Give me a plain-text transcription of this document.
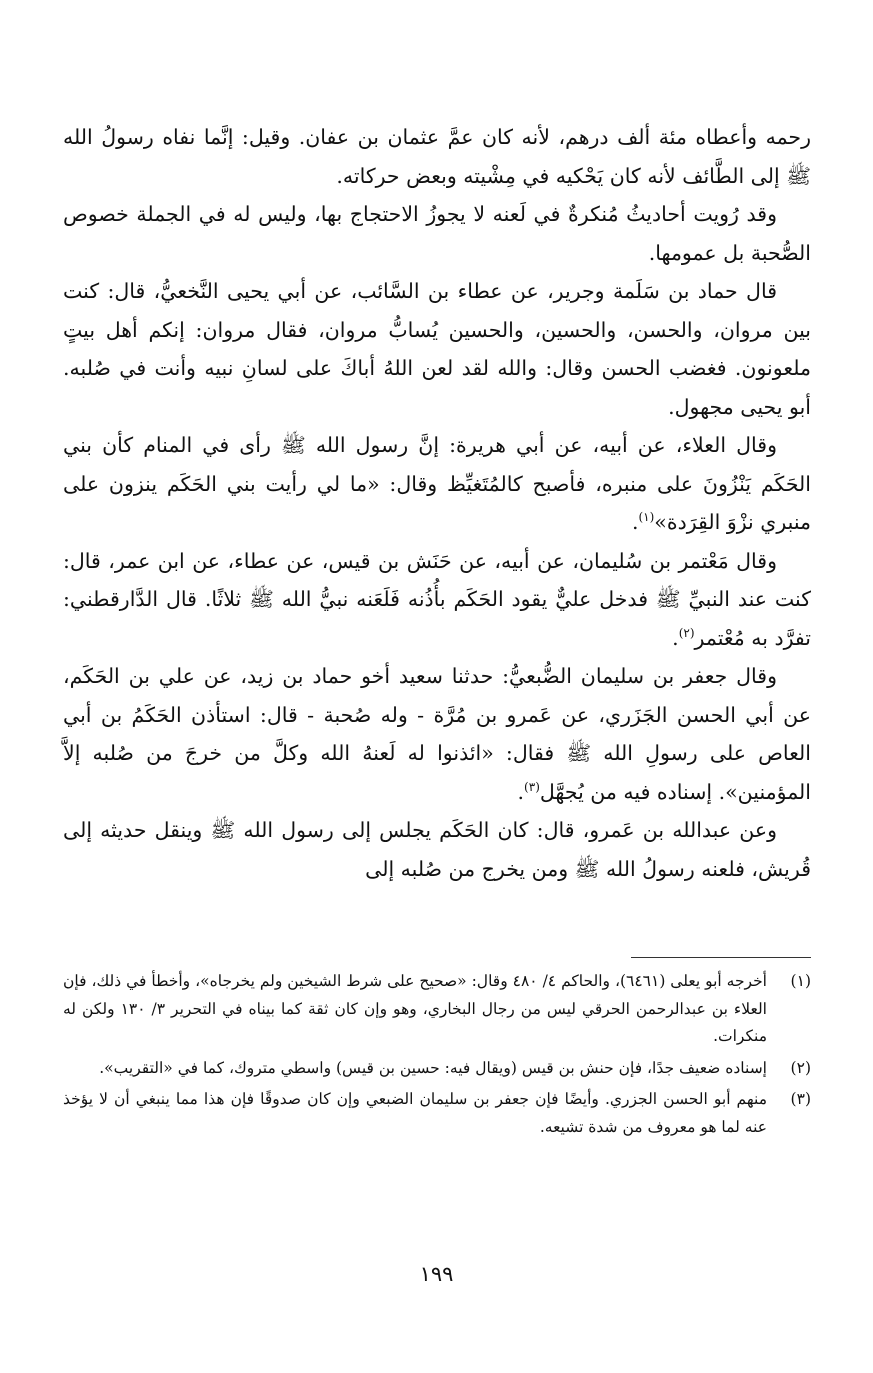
رحمه وأعطاه مئة ألف درهم، لأنه كان عمَّ عثمان بن عفان. وقيل: إنَّما نفاه رسولُ الله ﷺ إلى الطَّائف لأنه كان يَحْكيه في مِشْيته وبعض حركاته.

وقد رُويت أحاديثُ مُنكرةٌ في لَعنه لا يجوزُ الاحتجاج بها، وليس له في الجملة خصوص الصُّحبة بل عمومها.

قال حماد بن سَلَمة وجرير، عن عطاء بن السَّائب، عن أبي يحيى النَّخعيُّ، قال: كنت بين مروان، والحسن، والحسين، والحسين يُسابُّ مروان، فقال مروان: إنكم أهل بيتٍ ملعونون. فغضب الحسن وقال: والله لقد لعن اللهُ أباكَ على لسانِ نبيه وأنت في صُلبه. أبو يحيى مجهول.

وقال العلاء، عن أبيه، عن أبي هريرة: إنَّ رسول الله ﷺ رأى في المنام كأن بني الحَكَم يَنْزُونَ على منبره، فأصبح كالمُتَغيِّظ وقال: «ما لي رأيت بني الحَكَم ينزون على منبري نزْوَ القِرَدة»$^{(١)}$.

وقال مَعْتمر بن سُليمان، عن أبيه، عن حَنَش بن قيس، عن عطاء، عن ابن عمر، قال: كنت عند النبيِّ ﷺ فدخل عليٌّ يقود الحَكَم بأُذُنه فَلَعَنه نبيُّ الله ﷺ ثلاثًا. قال الدَّارقطني: تفرَّد به مُعْتمر$^{(٢)}$.

وقال جعفر بن سليمان الضُّبعيُّ: حدثنا سعيد أخو حماد بن زيد، عن علي بن الحَكَم، عن أبي الحسن الجَزَري، عن عَمرو بن مُرَّة - وله صُحبة - قال: استأذن الحَكَمُ بن أبي العاص على رسولِ الله ﷺ فقال: «ائذنوا له لَعنهُ الله وكلَّ من خرجَ من صُلبه إلاَّ المؤمنين». إسناده فيه من يُجهَّل$^{(٣)}$.

وعن عبدالله بن عَمرو، قال: كان الحَكَم يجلس إلى رسول الله ﷺ وينقل حديثه إلى قُريش، فلعنه رسولُ الله ﷺ ومن يخرج من صُلبه إلى

(١)
أخرجه أبو يعلى (٦٤٦١)، والحاكم ٤/ ٤٨٠ وقال: «صحيح على شرط الشيخين ولم يخرجاه»، وأخطأ في ذلك، فإن العلاء بن عبدالرحمن الحرقي ليس من رجال البخاري، وهو وإن كان ثقة كما بيناه في التحرير ٣/ ١٣٠ ولكن له منكرات.
(٢)
إسناده ضعيف جدًا، فإن حنش بن قيس (ويقال فيه: حسين بن قيس) واسطي متروك، كما في «التقريب».
(٣)
منهم أبو الحسن الجزري. وأيضًا فإن جعفر بن سليمان الضبعي وإن كان صدوقًا فإن هذا مما ينبغي أن لا يؤخذ عنه لما هو معروف من شدة تشيعه.
١٩٩
